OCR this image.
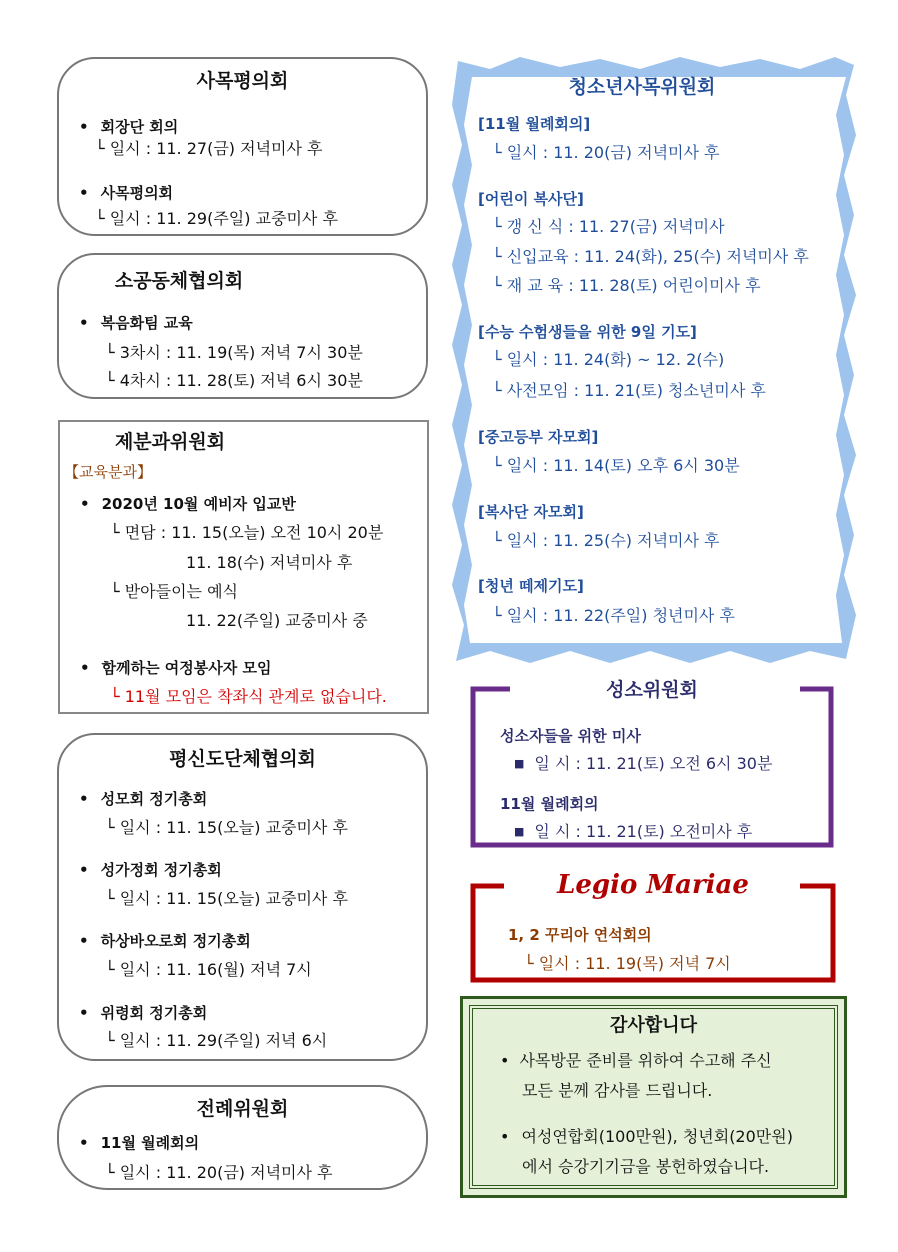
사목평의회
• 회장단 회의
└ 일시 : 11. 27(금) 저녁미사 후
• 사목평의회
└ 일시 : 11. 29(주일) 교중미사 후
소공동체협의회
• 복음화팀 교육
└ 3차시 : 11. 19(목) 저녁 7시 30분
└ 4차시 : 11. 28(토) 저녁 6시 30분
제분과위원회
【교육분과】
• 2020년 10월 예비자 입교반
└ 면담 : 11. 15(오늘) 오전 10시 20분
11. 18(수) 저녁미사 후
└ 받아들이는 예식
11. 22(주일) 교중미사 중
• 함께하는 여정봉사자 모임
└ 11월 모임은 착좌식 관계로 없습니다.
평신도단체협의회
• 성모회 정기총회
└ 일시 : 11. 15(오늘) 교중미사 후
• 성가정회 정기총회
└ 일시 : 11. 15(오늘) 교중미사 후
• 하상바오로회 정기총회
└ 일시 : 11. 16(월) 저녁 7시
• 위령회 정기총회
└ 일시 : 11. 29(주일) 저녁 6시
전례위원회
• 11월 월례회의
└ 일시 : 11. 20(금) 저녁미사 후
청소년사목위원회
[11월 월례회의]
└ 일시 : 11. 20(금) 저녁미사 후
[어린이 복사단]
└ 갱 신 식 : 11. 27(금) 저녁미사
└ 신입교육 : 11. 24(화), 25(수) 저녁미사 후
└ 재 교 육 : 11. 28(토) 어린이미사 후
[수능 수험생들을 위한 9일 기도]
└ 일시 : 11. 24(화) ~ 12. 2(수)
└ 사전모임 : 11. 21(토) 청소년미사 후
[중고등부 자모회]
└ 일시 : 11. 14(토) 오후 6시 30분
[복사단 자모회]
└ 일시 : 11. 25(수) 저녁미사 후
[청년 떼제기도]
└ 일시 : 11. 22(주일) 청년미사 후
성소위원회
성소자들을 위한 미사
■ 일 시 : 11. 21(토) 오전 6시 30분
11월 월례회의
■ 일 시 : 11. 21(토) 오전미사 후
Legio Mariae
1, 2 꾸리아 연석회의
└ 일시 : 11. 19(목) 저녁 7시
감사합니다
• 사목방문 준비를 위하여 수고해 주신
모든 분께 감사를 드립니다.
• 여성연합회(100만원), 청년회(20만원)
에서 승강기기금을 봉헌하였습니다.
